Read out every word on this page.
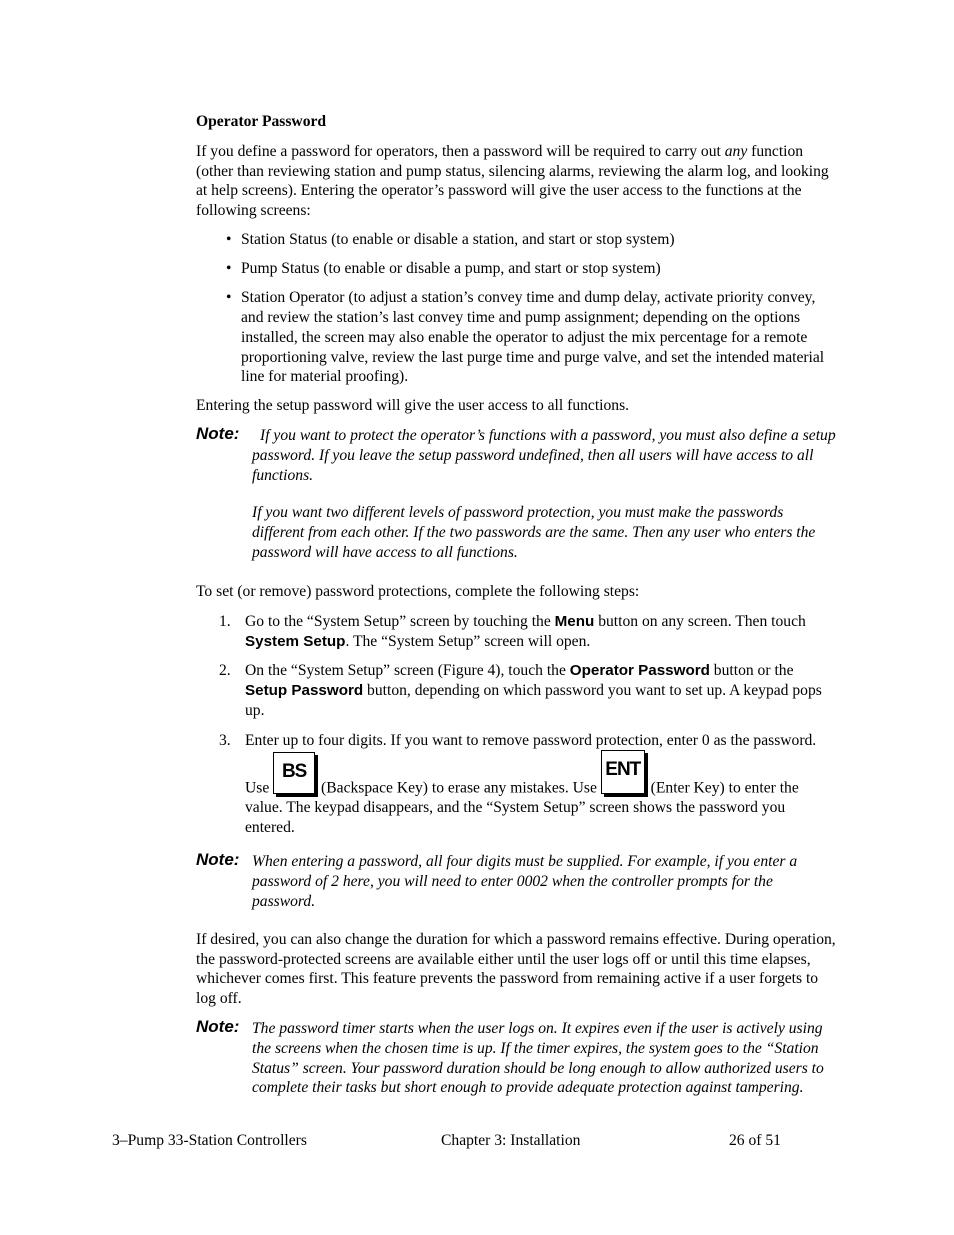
Operator Password

If you define a password for operators, then a password will be required to carry out any function (other than reviewing station and pump status, silencing alarms, reviewing the alarm log, and looking at help screens). Entering the operator’s password will give the user access to the functions at the following screens:

• Station Status (to enable or disable a station, and start or stop system)
• Pump Status (to enable or disable a pump, and start or stop system)
• Station Operator (to adjust a station’s convey time and dump delay, activate priority convey, and review the station’s last convey time and pump assignment; depending on the options installed, the screen may also enable the operator to adjust the mix percentage for a remote proportioning valve, review the last purge time and purge valve, and set the intended material line for material proofing).

Entering the setup password will give the user access to all functions.

Note:	If you want to protect the operator’s functions with a password, you must also define a setup password. If you leave the setup password undefined, then all users will have access to all functions.

If you want two different levels of password protection, you must make the passwords different from each other. If the two passwords are the same. Then any user who enters the password will have access to all functions.

To set (or remove) password protections, complete the following steps:

1. Go to the “System Setup” screen by touching the Menu button on any screen. Then touch System Setup. The “System Setup” screen will open.
2. On the “System Setup” screen (Figure 4), touch the Operator Password button or the Setup Password button, depending on which password you want to set up. A keypad pops up.
3. Enter up to four digits. If you want to remove password protection, enter 0 as the password. Use
BS
(Backspace Key) to erase any mistakes. Use
ENT
(Enter Key) to enter the value. The keypad disappears, and the “System Setup” screen shows the password you entered.
Note: When entering a password, all four digits must be supplied. For example, if you enter a password of 2 here, you will need to enter 0002 when the controller prompts for the password.

If desired, you can also change the duration for which a password remains effective. During operation, the password-protected screens are available either until the user logs off or until this time elapses, whichever comes first. This feature prevents the password from remaining active if a user forgets to log off.

Note: The password timer starts when the user logs on. It expires even if the user is actively using the screens when the chosen time is up. If the timer expires, the system goes to the “Station Status” screen. Your password duration should be long enough to allow authorized users to complete their tasks but short enough to provide adequate protection against tampering.

3–Pump 33-Station Controllers	Chapter 3: Installation	26 of 51
